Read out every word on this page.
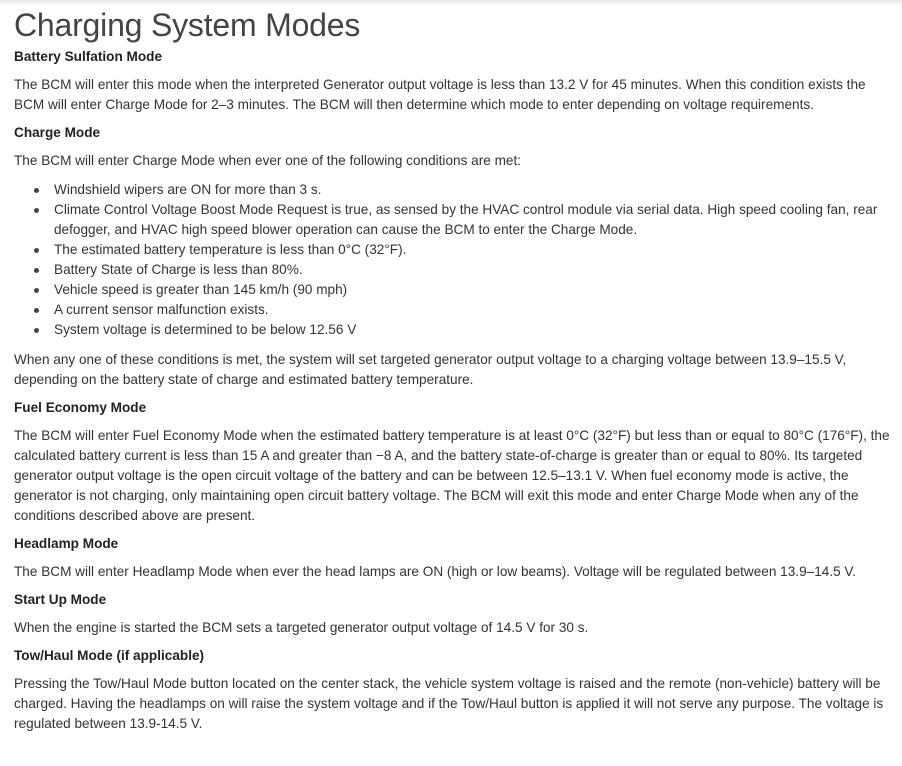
Charging System Modes
Battery Sulfation Mode

The BCM will enter this mode when the interpreted Generator output voltage is less than 13.2 V for 45 minutes. When this condition exists the BCM will enter Charge Mode for 2–3 minutes. The BCM will then determine which mode to enter depending on voltage requirements.

Charge Mode

The BCM will enter Charge Mode when ever one of the following conditions are met:

Windshield wipers are ON for more than 3 s.
Climate Control Voltage Boost Mode Request is true, as sensed by the HVAC control module via serial data. High speed cooling fan, rear defogger, and HVAC high speed blower operation can cause the BCM to enter the Charge Mode.
The estimated battery temperature is less than 0°C (32°F).
Battery State of Charge is less than 80%.
Vehicle speed is greater than 145 km/h (90 mph)
A current sensor malfunction exists.
System voltage is determined to be below 12.56 V

When any one of these conditions is met, the system will set targeted generator output voltage to a charging voltage between 13.9–15.5 V, depending on the battery state of charge and estimated battery temperature.

Fuel Economy Mode

The BCM will enter Fuel Economy Mode when the estimated battery temperature is at least 0°C (32°F) but less than or equal to 80°C (176°F), the calculated battery current is less than 15 A and greater than −8 A, and the battery state-of-charge is greater than or equal to 80%. Its targeted generator output voltage is the open circuit voltage of the battery and can be between 12.5–13.1 V. When fuel economy mode is active, the generator is not charging, only maintaining open circuit battery voltage. The BCM will exit this mode and enter Charge Mode when any of the conditions described above are present.

Headlamp Mode

The BCM will enter Headlamp Mode when ever the head lamps are ON (high or low beams). Voltage will be regulated between 13.9–14.5 V.

Start Up Mode

When the engine is started the BCM sets a targeted generator output voltage of 14.5 V for 30 s.

Tow/Haul Mode (if applicable)

Pressing the Tow/Haul Mode button located on the center stack, the vehicle system voltage is raised and the remote (non-vehicle) battery will be charged. Having the headlamps on will raise the system voltage and if the Tow/Haul button is applied it will not serve any purpose. The voltage is regulated between 13.9-14.5 V.
